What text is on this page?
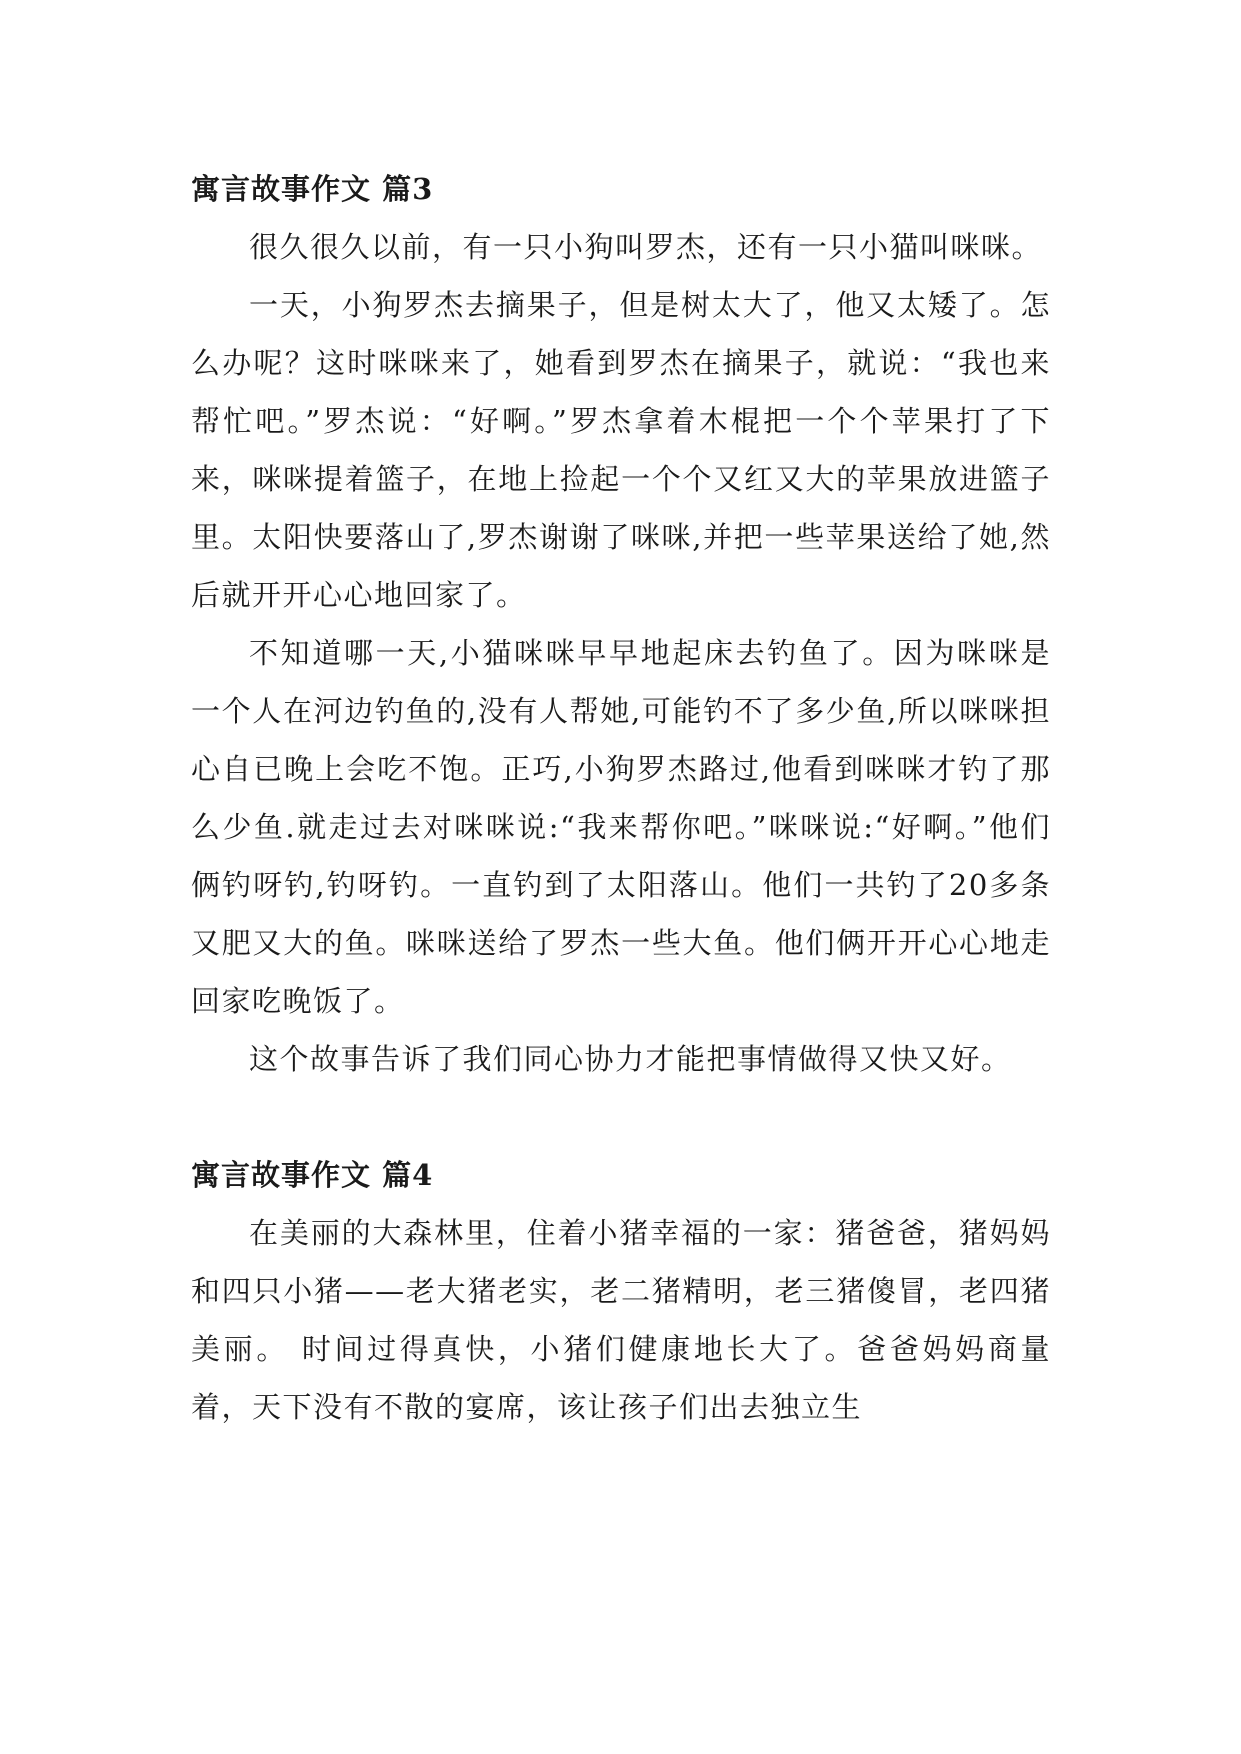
寓言故事作文 篇3

很久很久以前，有一只小狗叫罗杰，还有一只小猫叫咪咪。

一天，小狗罗杰去摘果子，但是树太大了，他又太矮了。怎么办呢？这时咪咪来了，她看到罗杰在摘果子，就说：“我也来帮忙吧。”罗杰说：“好啊。”罗杰拿着木棍把一个个苹果打了下来，咪咪提着篮子，在地上捡起一个个又红又大的苹果放进篮子里。太阳快要落山了,罗杰谢谢了咪咪,并把一些苹果送给了她,然后就开开心心地回家了。

不知道哪一天,小猫咪咪早早地起床去钓鱼了。因为咪咪是一个人在河边钓鱼的,没有人帮她,可能钓不了多少鱼,所以咪咪担心自已晚上会吃不饱。正巧,小狗罗杰路过,他看到咪咪才钓了那么少鱼.就走过去对咪咪说:“我来帮你吧。”咪咪说:“好啊。”他们俩钓呀钓,钓呀钓。一直钓到了太阳落山。他们一共钓了20多条又肥又大的鱼。咪咪送给了罗杰一些大鱼。他们俩开开心心地走回家吃晚饭了。

这个故事告诉了我们同心协力才能把事情做得又快又好。

寓言故事作文 篇4

在美丽的大森林里，住着小猪幸福的一家：猪爸爸，猪妈妈和四只小猪——老大猪老实，老二猪精明，老三猪傻冒，老四猪美丽。 时间过得真快，小猪们健康地长大了。爸爸妈妈商量着，天下没有不散的宴席，该让孩子们出去独立生
